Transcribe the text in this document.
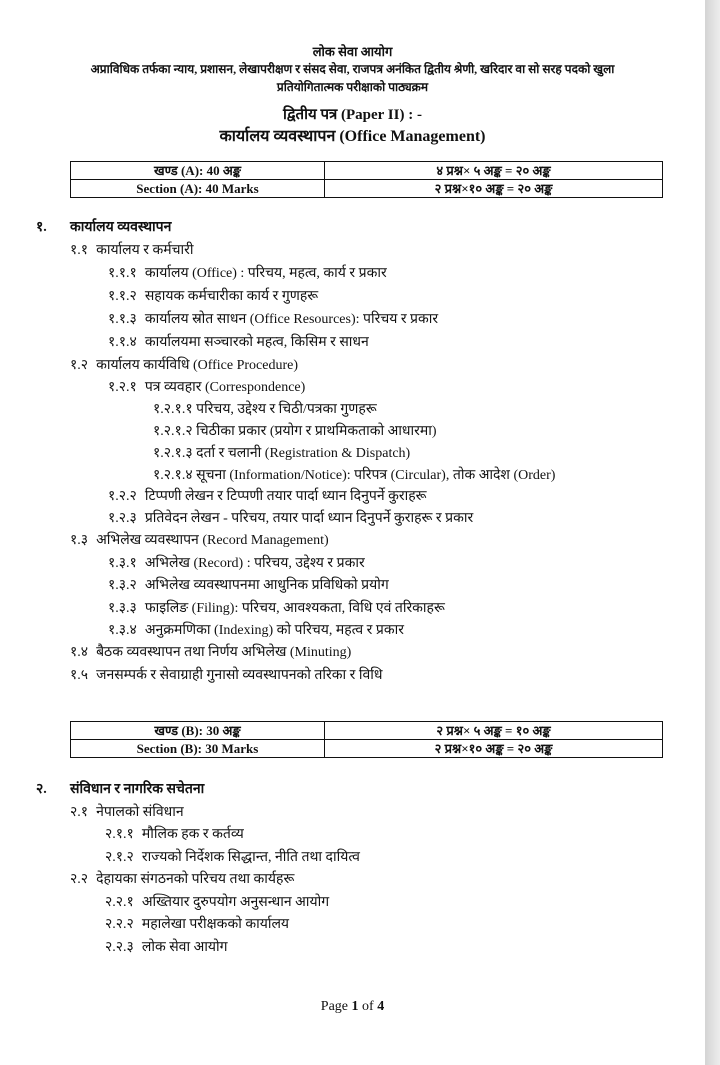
लोक सेवा आयोग
अप्राविधिक तर्फका न्याय, प्रशासन, लेखापरीक्षण र संसद सेवा, राजपत्र अनंकित द्वितीय श्रेणी, खरिदार वा सो सरह पदको खुला
प्रतियोगितात्मक परीक्षाको पाठ्यक्रम
द्वितीय पत्र (Paper II) : -
कार्यालय व्यवस्थापन (Office Management)
खण्ड (A): 40 अङ्क	४ प्रश्न× ५ अङ्क = २० अङ्क
Section (A): 40 Marks	२ प्रश्न×१० अङ्क = २० अङ्क
१. कार्यालय व्यवस्थापन
१.१ कार्यालय र कर्मचारी
१.१.१ कार्यालय (Office) : परिचय, महत्व, कार्य र प्रकार
१.१.२ सहायक कर्मचारीका कार्य र गुणहरू
१.१.३ कार्यालय स्रोत साधन (Office Resources): परिचय र प्रकार
१.१.४ कार्यालयमा सञ्चारको महत्व, किसिम र साधन
१.२ कार्यालय कार्यविधि (Office Procedure)
१.२.१ पत्र व्यवहार (Correspondence)
१.२.१.१ परिचय, उद्देश्य र चिठी/पत्रका गुणहरू
१.२.१.२ चिठीका प्रकार (प्रयोग र प्राथमिकताको आधारमा)
१.२.१.३ दर्ता र चलानी (Registration & Dispatch)
१.२.१.४ सूचना (Information/Notice): परिपत्र (Circular), तोक आदेश (Order)
१.२.२ टिप्पणी लेखन र टिप्पणी तयार पार्दा ध्यान दिनुपर्ने कुराहरू
१.२.३ प्रतिवेदन लेखन - परिचय, तयार पार्दा ध्यान दिनुपर्ने कुराहरू र प्रकार
१.३ अभिलेख व्यवस्थापन (Record Management)
१.३.१ अभिलेख (Record) : परिचय, उद्देश्य र प्रकार
१.३.२ अभिलेख व्यवस्थापनमा आधुनिक प्रविधिको प्रयोग
१.३.३ फाइलिङ (Filing): परिचय, आवश्यकता, विधि एवं तरिकाहरू
१.३.४ अनुक्रमणिका (Indexing) को परिचय, महत्व र प्रकार
१.४ बैठक व्यवस्थापन तथा निर्णय अभिलेख (Minuting)
१.५ जनसम्पर्क र सेवाग्राही गुनासो व्यवस्थापनको तरिका र विधि
खण्ड (B): 30 अङ्क	२ प्रश्न× ५ अङ्क = १० अङ्क
Section (B): 30 Marks	२ प्रश्न×१० अङ्क = २० अङ्क
२. संविधान र नागरिक सचेतना
२.१ नेपालको संविधान
२.१.१ मौलिक हक र कर्तव्य
२.१.२ राज्यको निर्देशक सिद्धान्त, नीति तथा दायित्व
२.२ देहायका संगठनको परिचय तथा कार्यहरू
२.२.१ अख्तियार दुरुपयोग अनुसन्धान आयोग
२.२.२ महालेखा परीक्षकको कार्यालय
२.२.३ लोक सेवा आयोग
Page 1 of 4
